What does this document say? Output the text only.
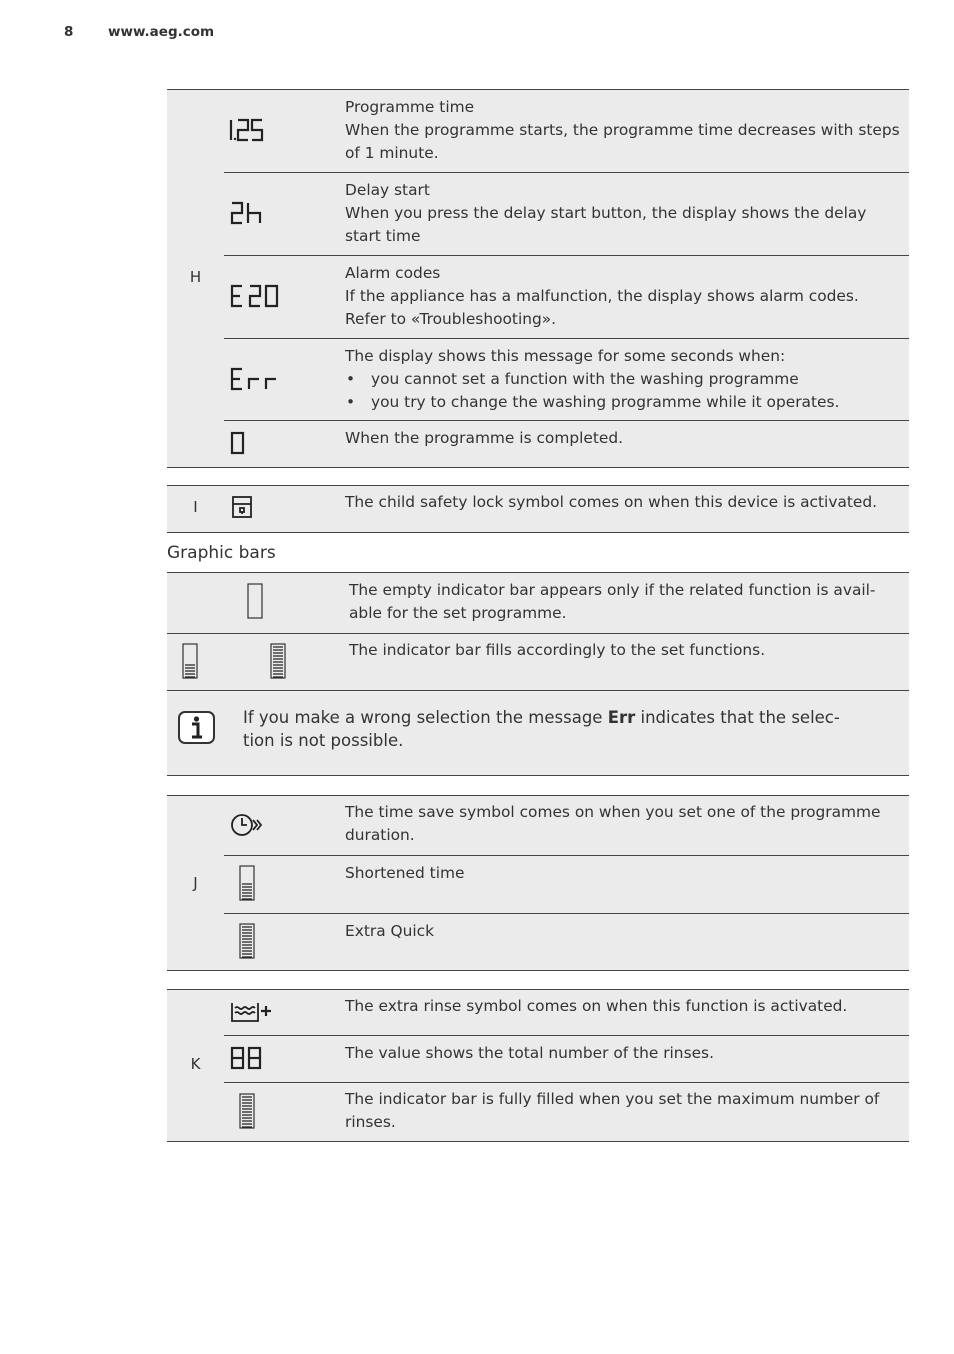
8	www.aeg.com
H
Programme time
When the programme starts, the programme time decreases with steps of 1 minute.
Delay start
When you press the delay start button, the display shows the delay start time
Alarm codes
If the appliance has a malfunction, the display shows alarm codes. Refer to «Troubleshooting».
The display shows this message for some seconds when:
• you cannot set a function with the washing programme
• you try to change the washing programme while it operates.
When the programme is completed.
I	The child safety lock symbol comes on when this device is activated.
Graphic bars
The empty indicator bar appears only if the related function is avail-able for the set programme.
The indicator bar fills accordingly to the set functions.
If you make a wrong selection the message Err indicates that the selec-tion is not possible.
J
The time save symbol comes on when you set one of the programme duration.
Shortened time
Extra Quick
K
The extra rinse symbol comes on when this function is activated.
The value shows the total number of the rinses.
The indicator bar is fully filled when you set the maximum number of rinses.
